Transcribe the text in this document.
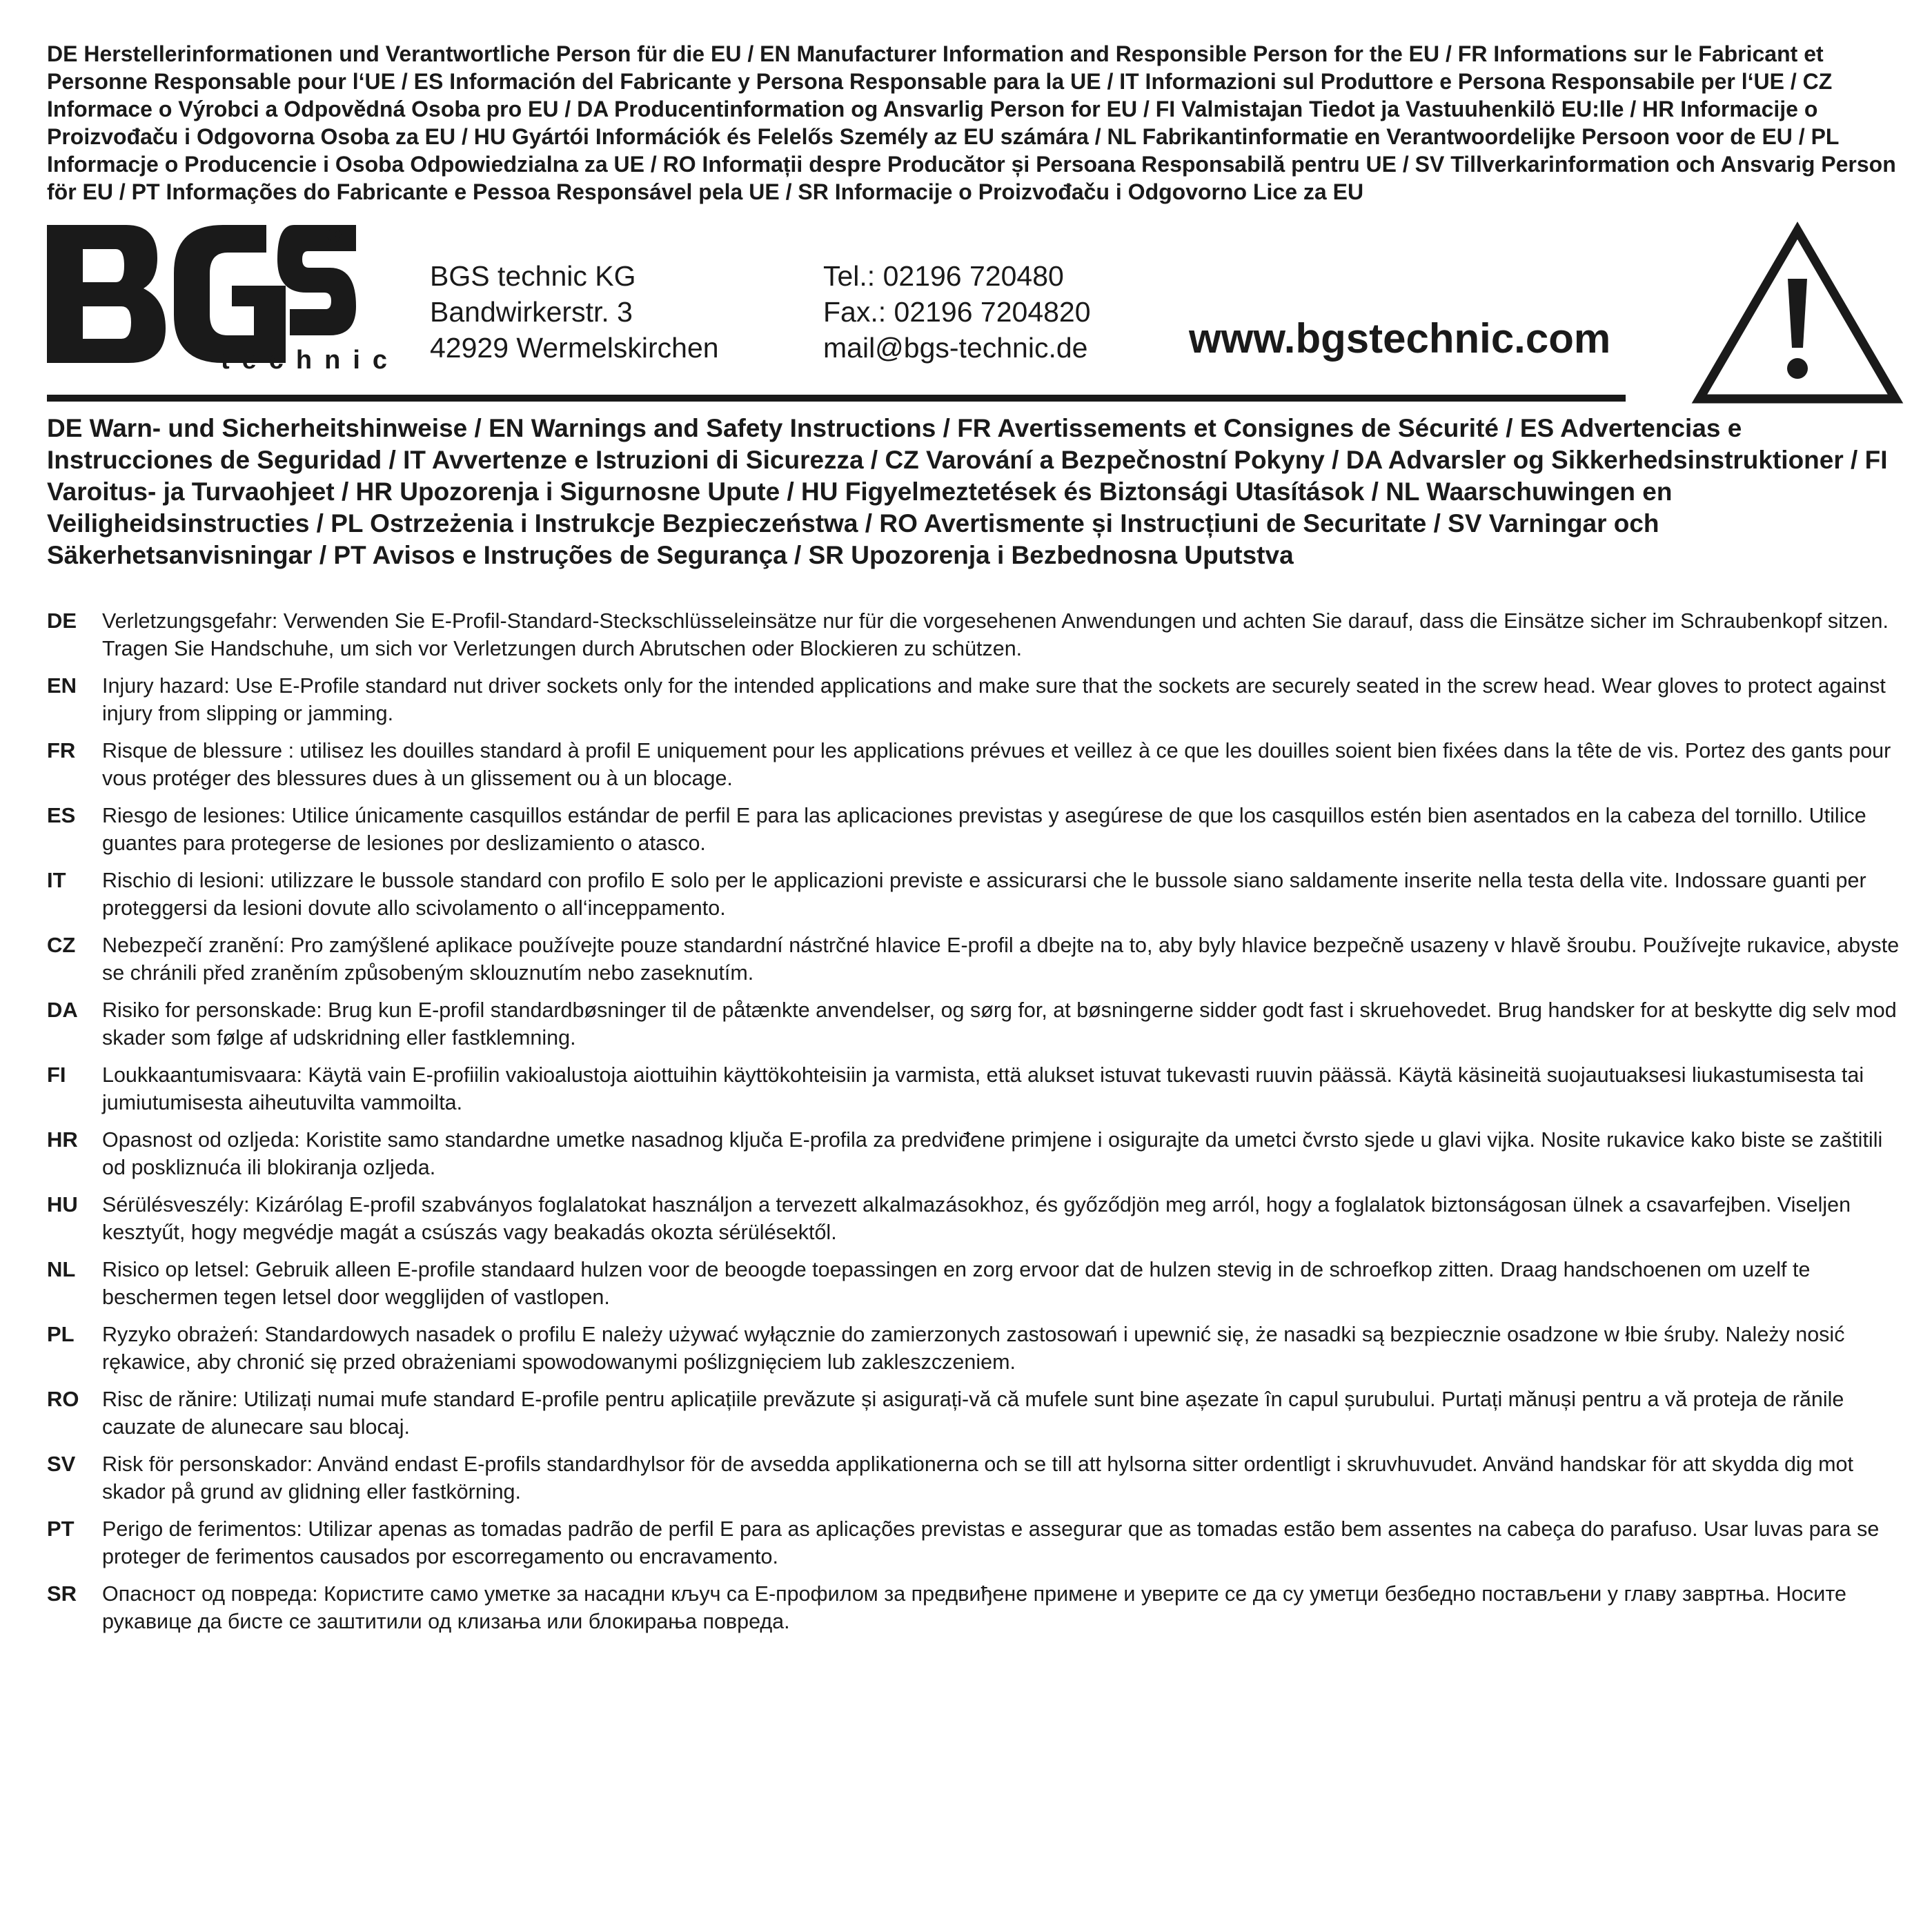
DE Herstellerinformationen und Verantwortliche Person für die EU / EN Manufacturer Information and Responsible Person for the EU / FR Informations sur le Fabricant et Personne Responsable pour l‘UE / ES Información del Fabricante y Persona Responsable para la UE / IT Informazioni sul Produttore e Persona Responsabile per l‘UE / CZ Informace o Výrobci a Odpovědná Osoba pro EU / DA Producentinformation og Ansvarlig Person for EU / FI Valmistajan Tiedot ja Vastuuhenkilö EU:lle / HR Informacije o Proizvođaču i Odgovorna Osoba za EU / HU Gyártói Információk és Felelős Személy az EU számára / NL Fabrikantinformatie en Verantwoordelijke Persoon voor de EU / PL Informacje o Producencie i Osoba Odpowiedzialna za UE / RO Informații despre Producător și Persoana Responsabilă pentru UE / SV Tillverkarinformation och Ansvarig Person för EU / PT Informações do Fabricante e Pessoa Responsável pela UE / SR Informacije o Proizvođaču i Odgovorno Lice za EU

technic
®
BGS technic KG
Bandwirkerstr. 3
42929 Wermelskirchen
Tel.: 02196 720480
Fax.: 02196 7204820
mail@bgs-technic.de www.bgstechnic.com

DE Warn- und Sicherheitshinweise / EN Warnings and Safety Instructions / FR Avertissements et Consignes de Sécurité / ES Advertencias e Instrucciones de Seguridad / IT Avvertenze e Istruzioni di Sicurezza / CZ Varování a Bezpečnostní Pokyny / DA Advarsler og Sikkerhedsinstruktioner / FI Varoitus- ja Turvaohjeet / HR Upozorenja i Sigurnosne Upute / HU Figyelmeztetések és Biztonsági Utasítások / NL Waarschuwingen en Veiligheidsinstructies / PL Ostrzeżenia i Instrukcje Bezpieczeństwa / RO Avertismente și Instrucțiuni de Securitate / SV Varningar och Säkerhetsanvisningar / PT Avisos e Instruções de Segurança / SR Upozorenja i Bezbednosna Uputstva

DE	Verletzungsgefahr: Verwenden Sie E-Profil-Standard-Steckschlüsseleinsätze nur für die vorgesehenen Anwendungen und achten Sie darauf, dass die Einsätze sicher im Schraubenkopf sitzen. Tragen Sie Handschuhe, um sich vor Verletzungen durch Abrutschen oder Blockieren zu schützen.
EN	Injury hazard: Use E-Profile standard nut driver sockets only for the intended applications and make sure that the sockets are securely seated in the screw head. Wear gloves to protect against injury from slipping or jamming.
FR	Risque de blessure : utilisez les douilles standard à profil E uniquement pour les applications prévues et veillez à ce que les douilles soient bien fixées dans la tête de vis. Portez des gants pour vous protéger des blessures dues à un glissement ou à un blocage.
ES	Riesgo de lesiones: Utilice únicamente casquillos estándar de perfil E para las aplicaciones previstas y asegúrese de que los casquillos estén bien asentados en la cabeza del tornillo. Utilice guantes para protegerse de lesiones por deslizamiento o atasco.
IT	Rischio di lesioni: utilizzare le bussole standard con profilo E solo per le applicazioni previste e assicurarsi che le bussole siano saldamente inserite nella testa della vite. Indossare guanti per proteggersi da lesioni dovute allo scivolamento o all‘inceppamento.
CZ	Nebezpečí zranění: Pro zamýšlené aplikace používejte pouze standardní nástrčné hlavice E-profil a dbejte na to, aby byly hlavice bezpečně usazeny v hlavě šroubu. Používejte rukavice, abyste se chránili před zraněním způsobeným sklouznutím nebo zaseknutím.
DA	Risiko for personskade: Brug kun E-profil standardbøsninger til de påtænkte anvendelser, og sørg for, at bøsningerne sidder godt fast i skruehovedet. Brug handsker for at beskytte dig selv mod skader som følge af udskridning eller fastklemning.
FI	Loukkaantumisvaara: Käytä vain E-profiilin vakioalustoja aiottuihin käyttökohteisiin ja varmista, että alukset istuvat tukevasti ruuvin päässä. Käytä käsineitä suojautuaksesi liukastumisesta tai jumiutumisesta aiheutuvilta vammoilta.
HR	Opasnost od ozljeda: Koristite samo standardne umetke nasadnog ključa E-profila za predviđene primjene i osigurajte da umetci čvrsto sjede u glavi vijka. Nosite rukavice kako biste se zaštitili od poskliznuća ili blokiranja ozljeda.
HU	Sérülésveszély: Kizárólag E-profil szabványos foglalatokat használjon a tervezett alkalmazásokhoz, és győződjön meg arról, hogy a foglalatok biztonságosan ülnek a csavarfejben. Viseljen kesztyűt, hogy megvédje magát a csúszás vagy beakadás okozta sérülésektől.
NL	Risico op letsel: Gebruik alleen E-profile standaard hulzen voor de beoogde toepassingen en zorg ervoor dat de hulzen stevig in de schroefkop zitten. Draag handschoenen om uzelf te beschermen tegen letsel door wegglijden of vastlopen.
PL	Ryzyko obrażeń: Standardowych nasadek o profilu E należy używać wyłącznie do zamierzonych zastosowań i upewnić się, że nasadki są bezpiecznie osadzone w łbie śruby. Należy nosić rękawice, aby chronić się przed obrażeniami spowodowanymi poślizgnięciem lub zakleszczeniem.
RO	Risc de rănire: Utilizați numai mufe standard E-profile pentru aplicațiile prevăzute și asigurați-vă că mufele sunt bine așezate în capul șurubului. Purtați mănuși pentru a vă proteja de rănile cauzate de alunecare sau blocaj.
SV	Risk för personskador: Använd endast E-profils standardhylsor för de avsedda applikationerna och se till att hylsorna sitter ordentligt i skruvhuvudet. Använd handskar för att skydda dig mot skador på grund av glidning eller fastkörning.
PT	Perigo de ferimentos: Utilizar apenas as tomadas padrão de perfil E para as aplicações previstas e assegurar que as tomadas estão bem assentes na cabeça do parafuso. Usar luvas para se proteger de ferimentos causados por escorregamento ou encravamento.
SR	Опасност од повреда: Користите само уметке за насадни кључ са Е-профилом за предвиђене примене и уверите се да су уметци безбедно постављени у главу завртња. Носите рукавице да бисте се заштитили од клизања или блокирања повреда.
